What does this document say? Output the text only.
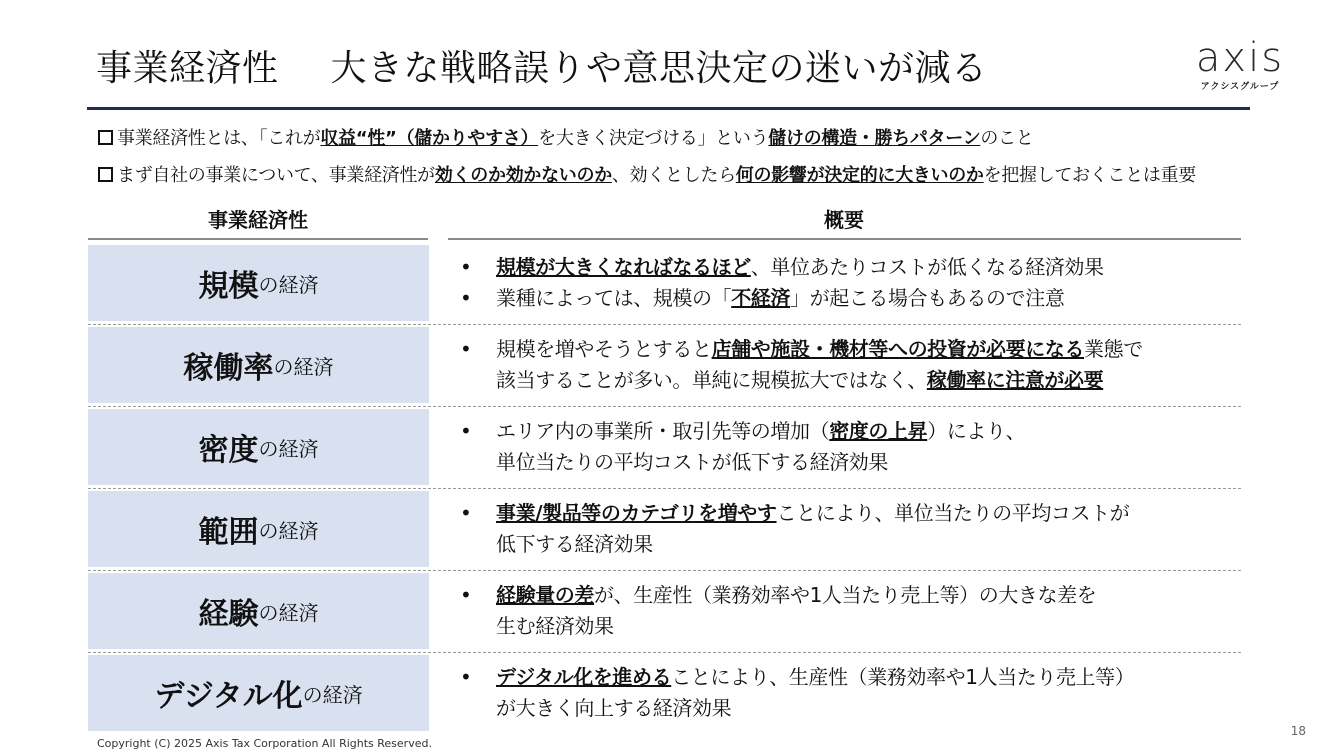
事業経済性 大きな戦略誤りや意思決定の迷いが減る	axis
アクシスグループ
事業経済性とは、「これが収益“性”（儲かりやすさ）を大きく決定づける」という儲けの構造・勝ちパターンのこと
まず自社の事業について、事業経済性が効くのか効かないのか、効くとしたら何の影響が決定的に大きいのかを把握しておくことは重要
事業経済性	概要
規模 の経済
• 規模が大きくなればなるほど、単位あたりコストが低くなる経済効果
• 業種によっては、規模の「不経済」が起こる場合もあるので注意
稼働率 の経済
• 規模を増やそうとすると店舗や施設・機材等への投資が必要になる業態で
該当することが多い。単純に規模拡大ではなく、稼働率に注意が必要
密度 の経済
• エリア内の事業所・取引先等の増加（密度の上昇）により、
単位当たりの平均コストが低下する経済効果
範囲 の経済
• 事業/製品等のカテゴリを増やすことにより、単位当たりの平均コストが
低下する経済効果
経験 の経済
• 経験量の差が、生産性（業務効率や1人当たり売上等）の大きな差を
生む経済効果
デジタル化 の経済
• デジタル化を進めることにより、生産性（業務効率や1人当たり売上等）
が大きく向上する経済効果
Copyright (C) 2025 Axis Tax Corporation All Rights Reserved.
18
